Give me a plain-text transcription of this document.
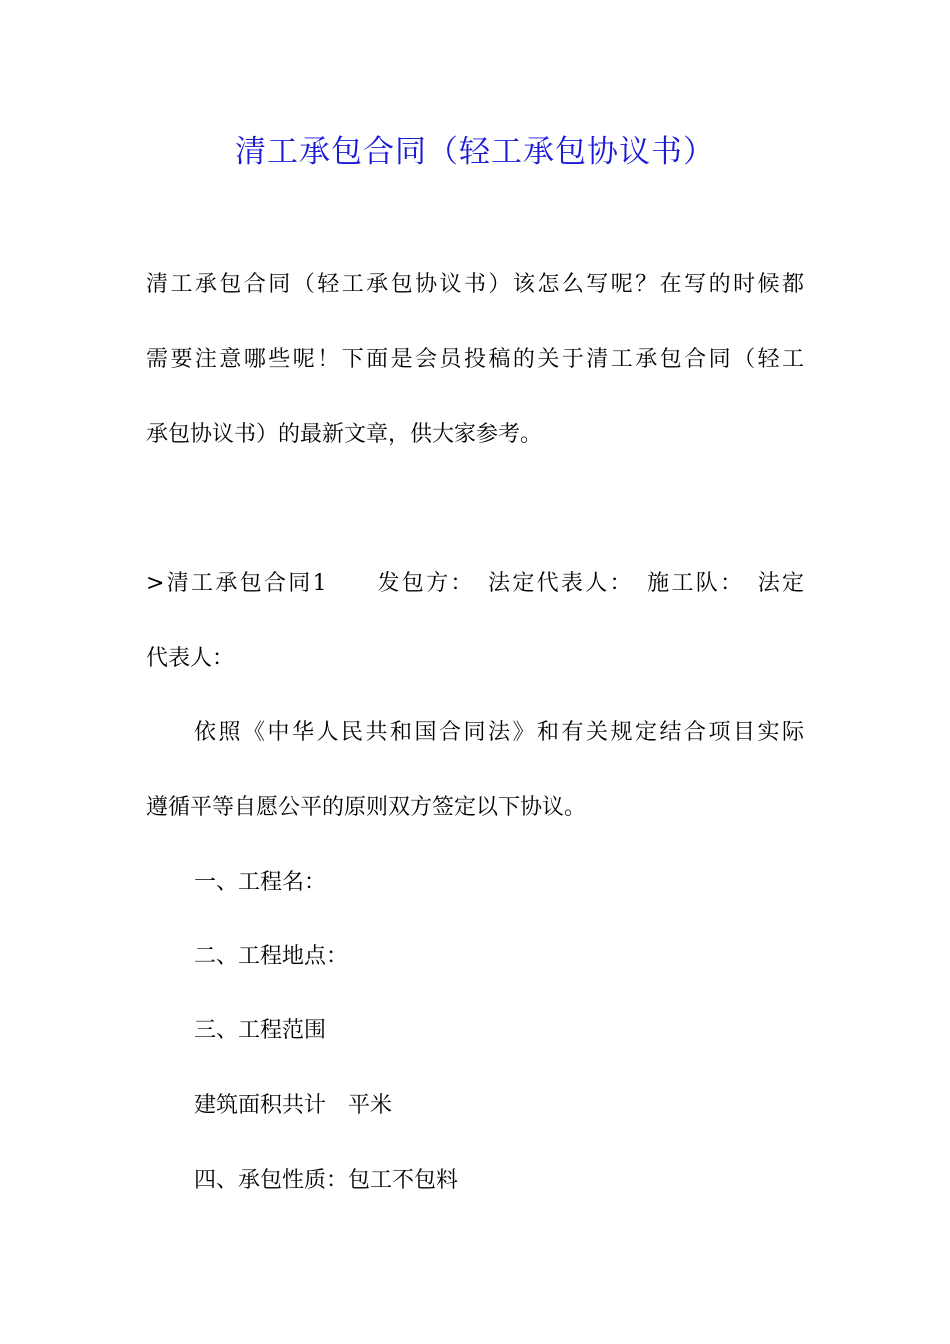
清工承包合同（轻工承包协议书）
清工承包合同（轻工承包协议书）该怎么写呢？在写的时候都
需要注意哪些呢！下面是会员投稿的关于清工承包合同（轻工
承包协议书）的最新文章，供大家参考。
>清工承包合同1　　发包方：　法定代表人：　施工队：　法定
代表人：
依照《中华人民共和国合同法》和有关规定结合项目实际
遵循平等自愿公平的原则双方签定以下协议。
一、工程名：
二、工程地点：
三、工程范围
建筑面积共计　平米
四、承包性质：包工不包料
